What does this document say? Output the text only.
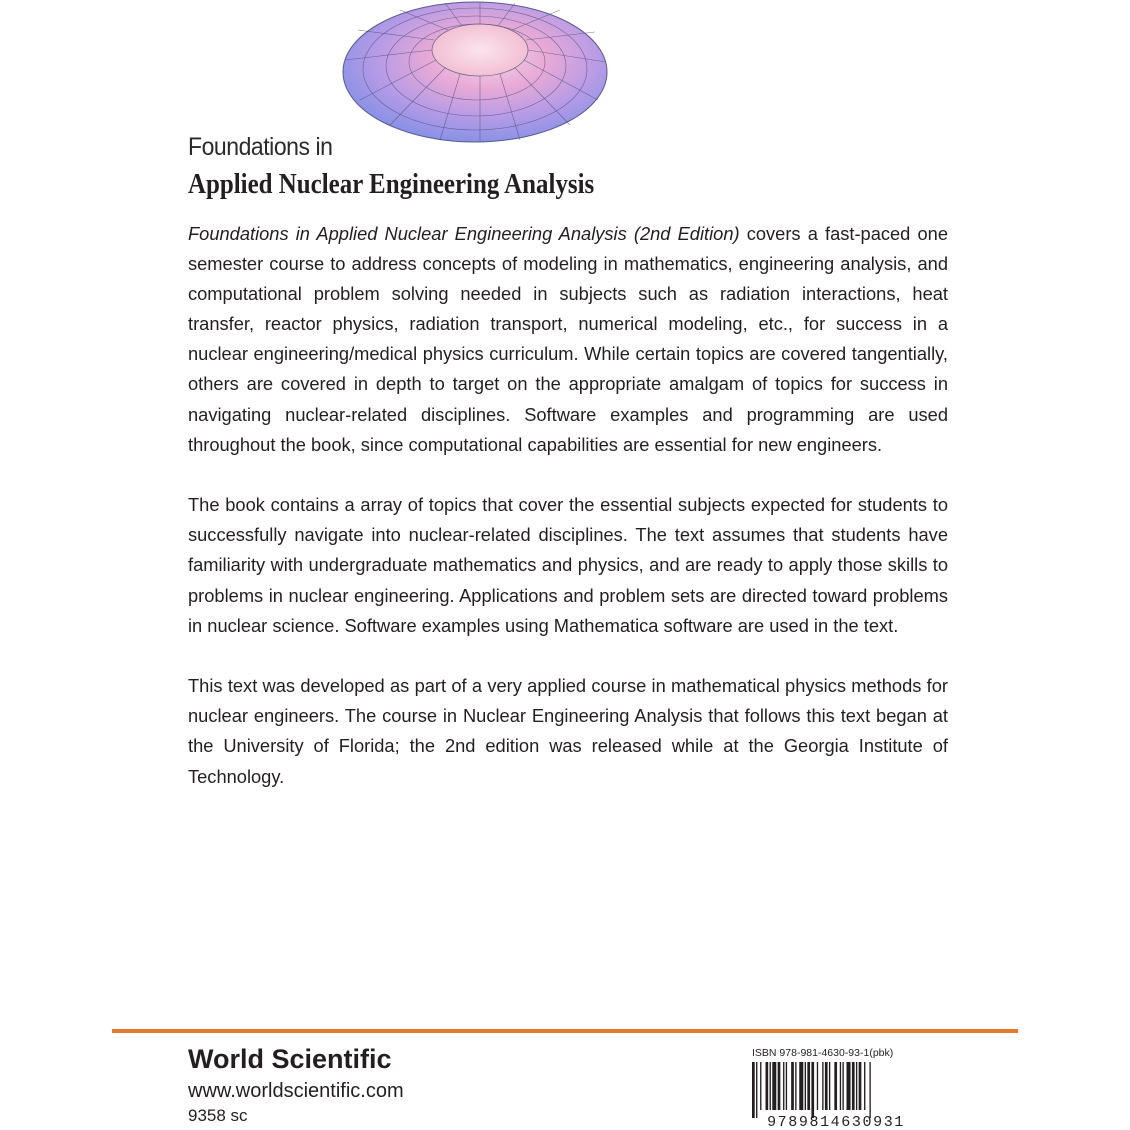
Foundations in
Applied Nuclear Engineering Analysis

Foundations in Applied Nuclear Engineering Analysis (2nd Edition) covers a fast-paced one semester course to address concepts of modeling in mathematics, engineering analysis, and computational problem solving needed in subjects such as radiation interactions, heat transfer, reactor physics, radiation transport, numerical modeling, etc., for success in a nuclear engineering/medical physics curriculum. While certain topics are covered tangentially, others are covered in depth to target on the appropriate amalgam of topics for success in navigating nuclear-related disciplines. Software examples and programming are used throughout the book, since computational capabilities are essential for new engineers.

The book contains a array of topics that cover the essential subjects expected for students to successfully navigate into nuclear-related disciplines. The text assumes that students have familiarity with undergraduate mathematics and physics, and are ready to apply those skills to problems in nuclear engineering. Applications and problem sets are directed toward problems in nuclear science. Software examples using Mathematica software are used in the text.

This text was developed as part of a very applied course in mathematical physics methods for nuclear engineers. The course in Nuclear Engineering Analysis that follows this text began at the University of Florida; the 2nd edition was released while at the Georgia Institute of Technology.

World Scientific
www.worldscientific.com
9358 sc
ISBN 978-981-4630-93-1(pbk)
9789814630931
